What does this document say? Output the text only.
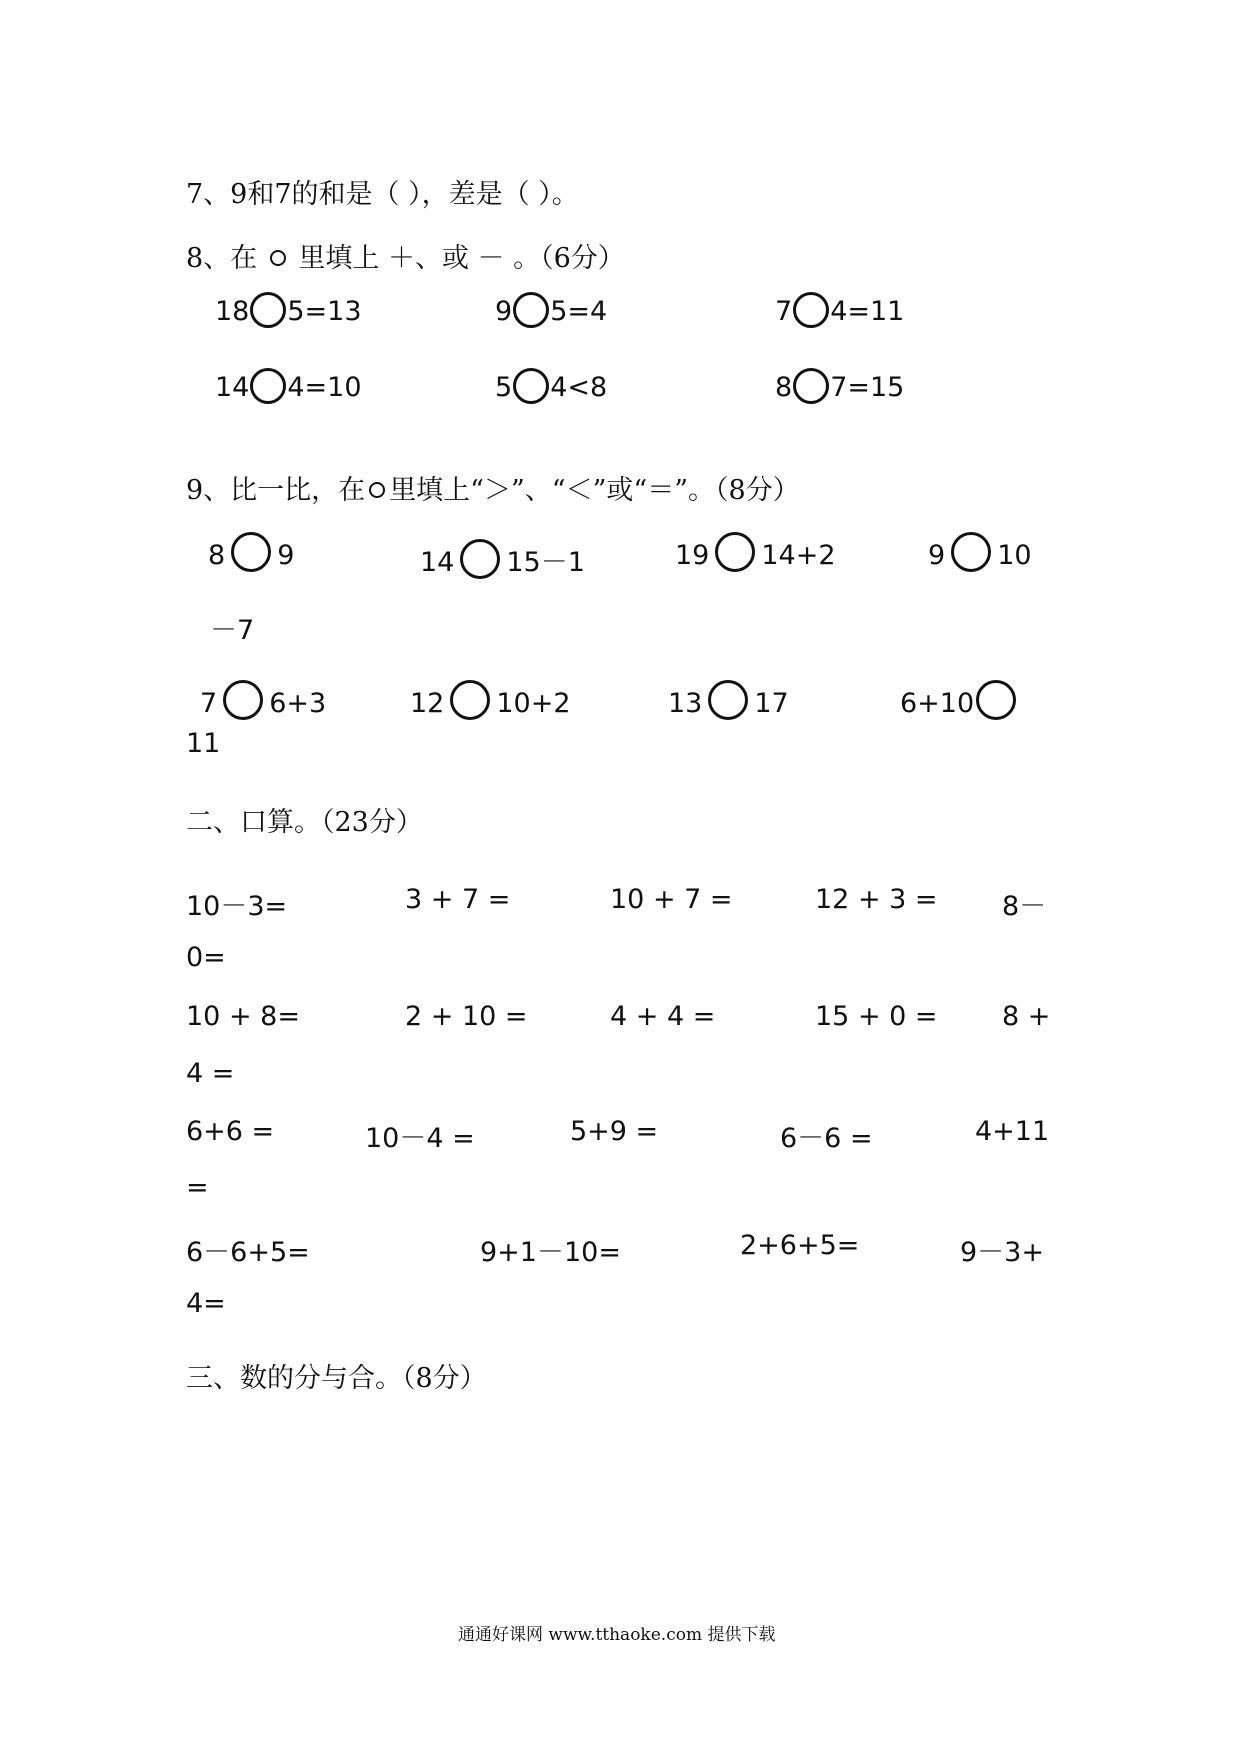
7、9和7的和是（ ），差是（ ）。
8、在 里填上 ＋、或 － 。（6分）
18 5=13	9 5=4	7 4=11
14 4=10	5 4<8	8 7=15
9、比一比，在 里填上“＞”、“＜”或“＝”。（8分）
8 9	14 15－1	19 14+2	9 10
－7
7 6+3	12 10+2	13 17	6+10
11
二、口算。（23分）
10－3=	3 + 7 =	10 + 7 =	12 + 3 = 8－
0=
10 + 8=	2 + 10 =	4 + 4 =	15 + 0 = 8 +
4 =
6+6 =	10－4 =	5+9 =	6－6 =	4+11
=
6－6+5=	9+1－10=	2+6+5=	9－3+
4=
三、数的分与合。（8分）
通通好课网 www.tthaoke.com 提供下载
